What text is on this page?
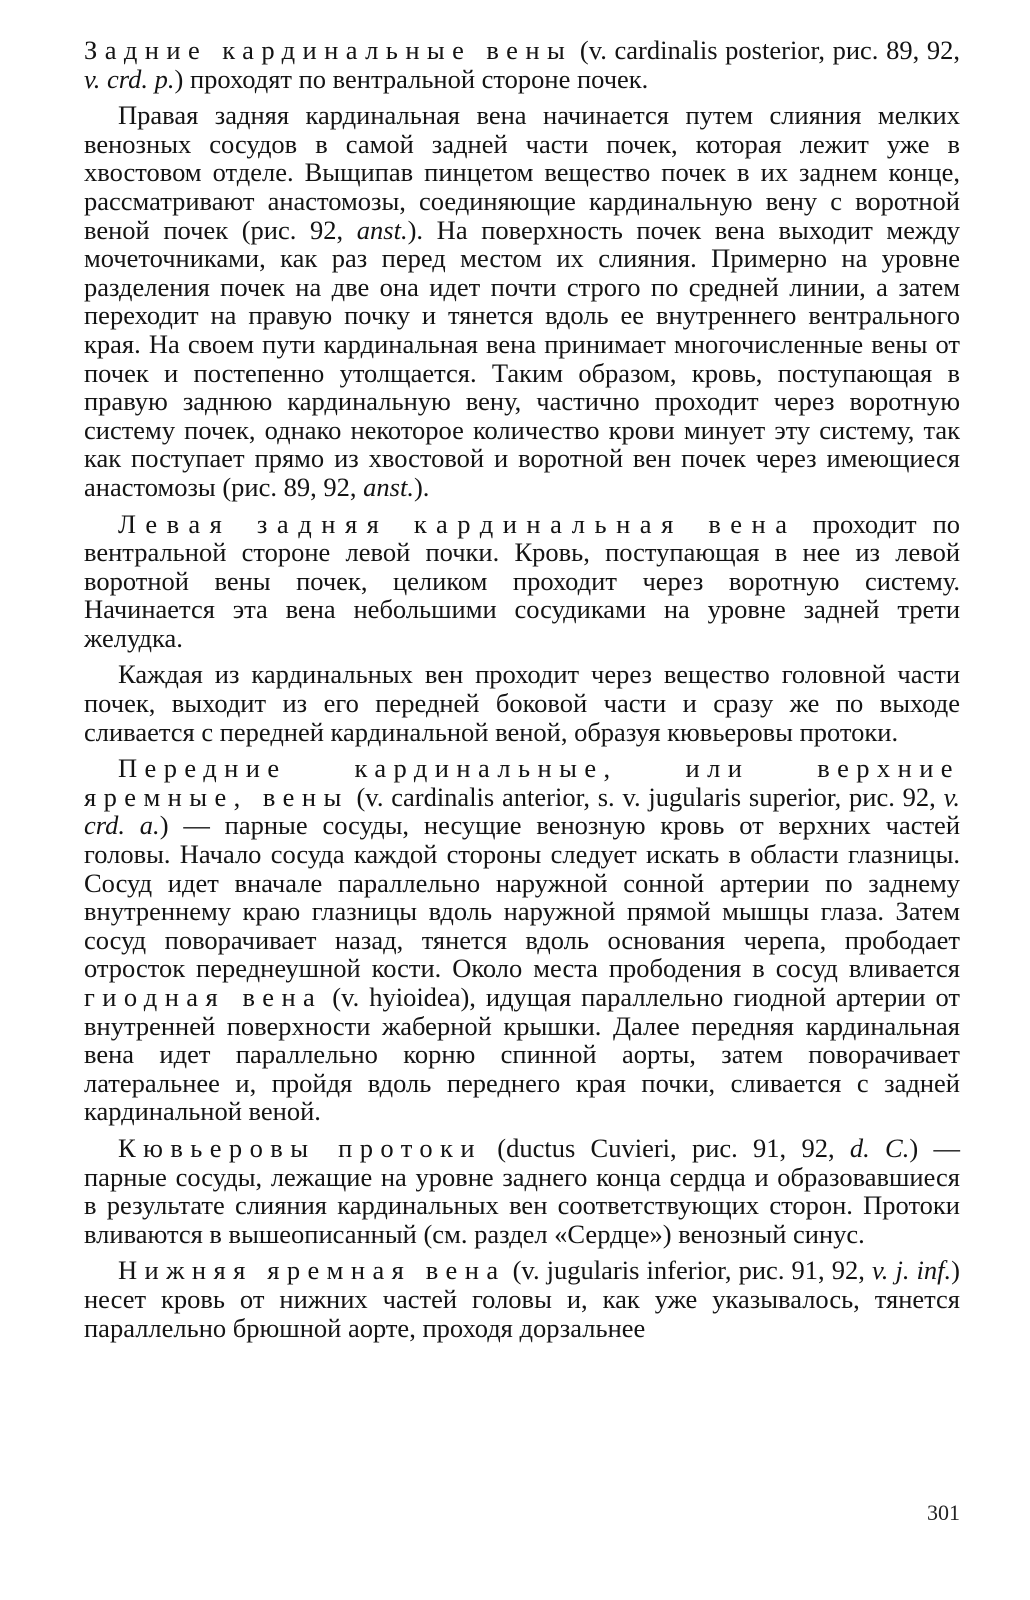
Задние кардинальные вены (v. cardinalis posterior, рис. 89, 92, v. crd. p.) проходят по вентральной стороне почек.

Правая задняя кардинальная вена начинается путем слияния мелких венозных сосудов в самой задней части почек, которая лежит уже в хвостовом отделе. Выщипав пинцетом вещество почек в их заднем конце, рассматривают анастомозы, соединяющие кардинальную вену с воротной веной почек (рис. 92, anst.). На поверхность почек вена выходит между мочеточниками, как раз перед местом их слияния. Примерно на уровне разделения почек на две она идет почти строго по средней линии, а затем переходит на правую почку и тянется вдоль ее внутреннего вентрального края. На своем пути кардинальная вена принимает многочисленные вены от почек и постепенно утолщается. Таким образом, кровь, поступающая в правую заднюю кардинальную вену, частично проходит через воротную систему почек, однако некоторое количество крови минует эту систему, так как поступает прямо из хвостовой и воротной вен почек через имеющиеся анастомозы (рис. 89, 92, anst.).

Левая задняя кардинальная вена проходит по вентральной стороне левой почки. Кровь, поступающая в нее из левой воротной вены почек, целиком проходит через воротную систему. Начинается эта вена небольшими сосудиками на уровне задней трети желудка.

Каждая из кардинальных вен проходит через вещество головной части почек, выходит из его передней боковой части и сразу же по выходе сливается с передней кардинальной веной, образуя кювьеровы протоки.

Передние кардинальные, или верхние яремные, вены (v. cardinalis anterior, s. v. jugularis superior, рис. 92, v. crd. a.) — парные сосуды, несущие венозную кровь от верхних частей головы. Начало сосуда каждой стороны следует искать в области глазницы. Сосуд идет вначале параллельно наружной сонной артерии по заднему внутреннему краю глазницы вдоль наружной прямой мышцы глаза. Затем сосуд поворачивает назад, тянется вдоль основания черепа, прободает отросток переднеушной кости. Около места прободения в сосуд вливается гиодная вена (v. hyioidea), идущая параллельно гиодной артерии от внутренней поверхности жаберной крышки. Далее передняя кардинальная вена идет параллельно корню спинной аорты, затем поворачивает латеральнее и, пройдя вдоль переднего края почки, сливается с задней кардинальной веной.

Кювьеровы протоки (ductus Cuvieri, рис. 91, 92, d. C.) — парные сосуды, лежащие на уровне заднего конца сердца и образовавшиеся в результате слияния кардинальных вен соответствующих сторон. Протоки вливаются в вышеописанный (см. раздел «Сердце») венозный синус.

Нижняя яремная вена (v. jugularis inferior, рис. 91, 92, v. j. inf.) несет кровь от нижних частей головы и, как уже указывалось, тянется параллельно брюшной аорте, проходя дорзальнее

301
